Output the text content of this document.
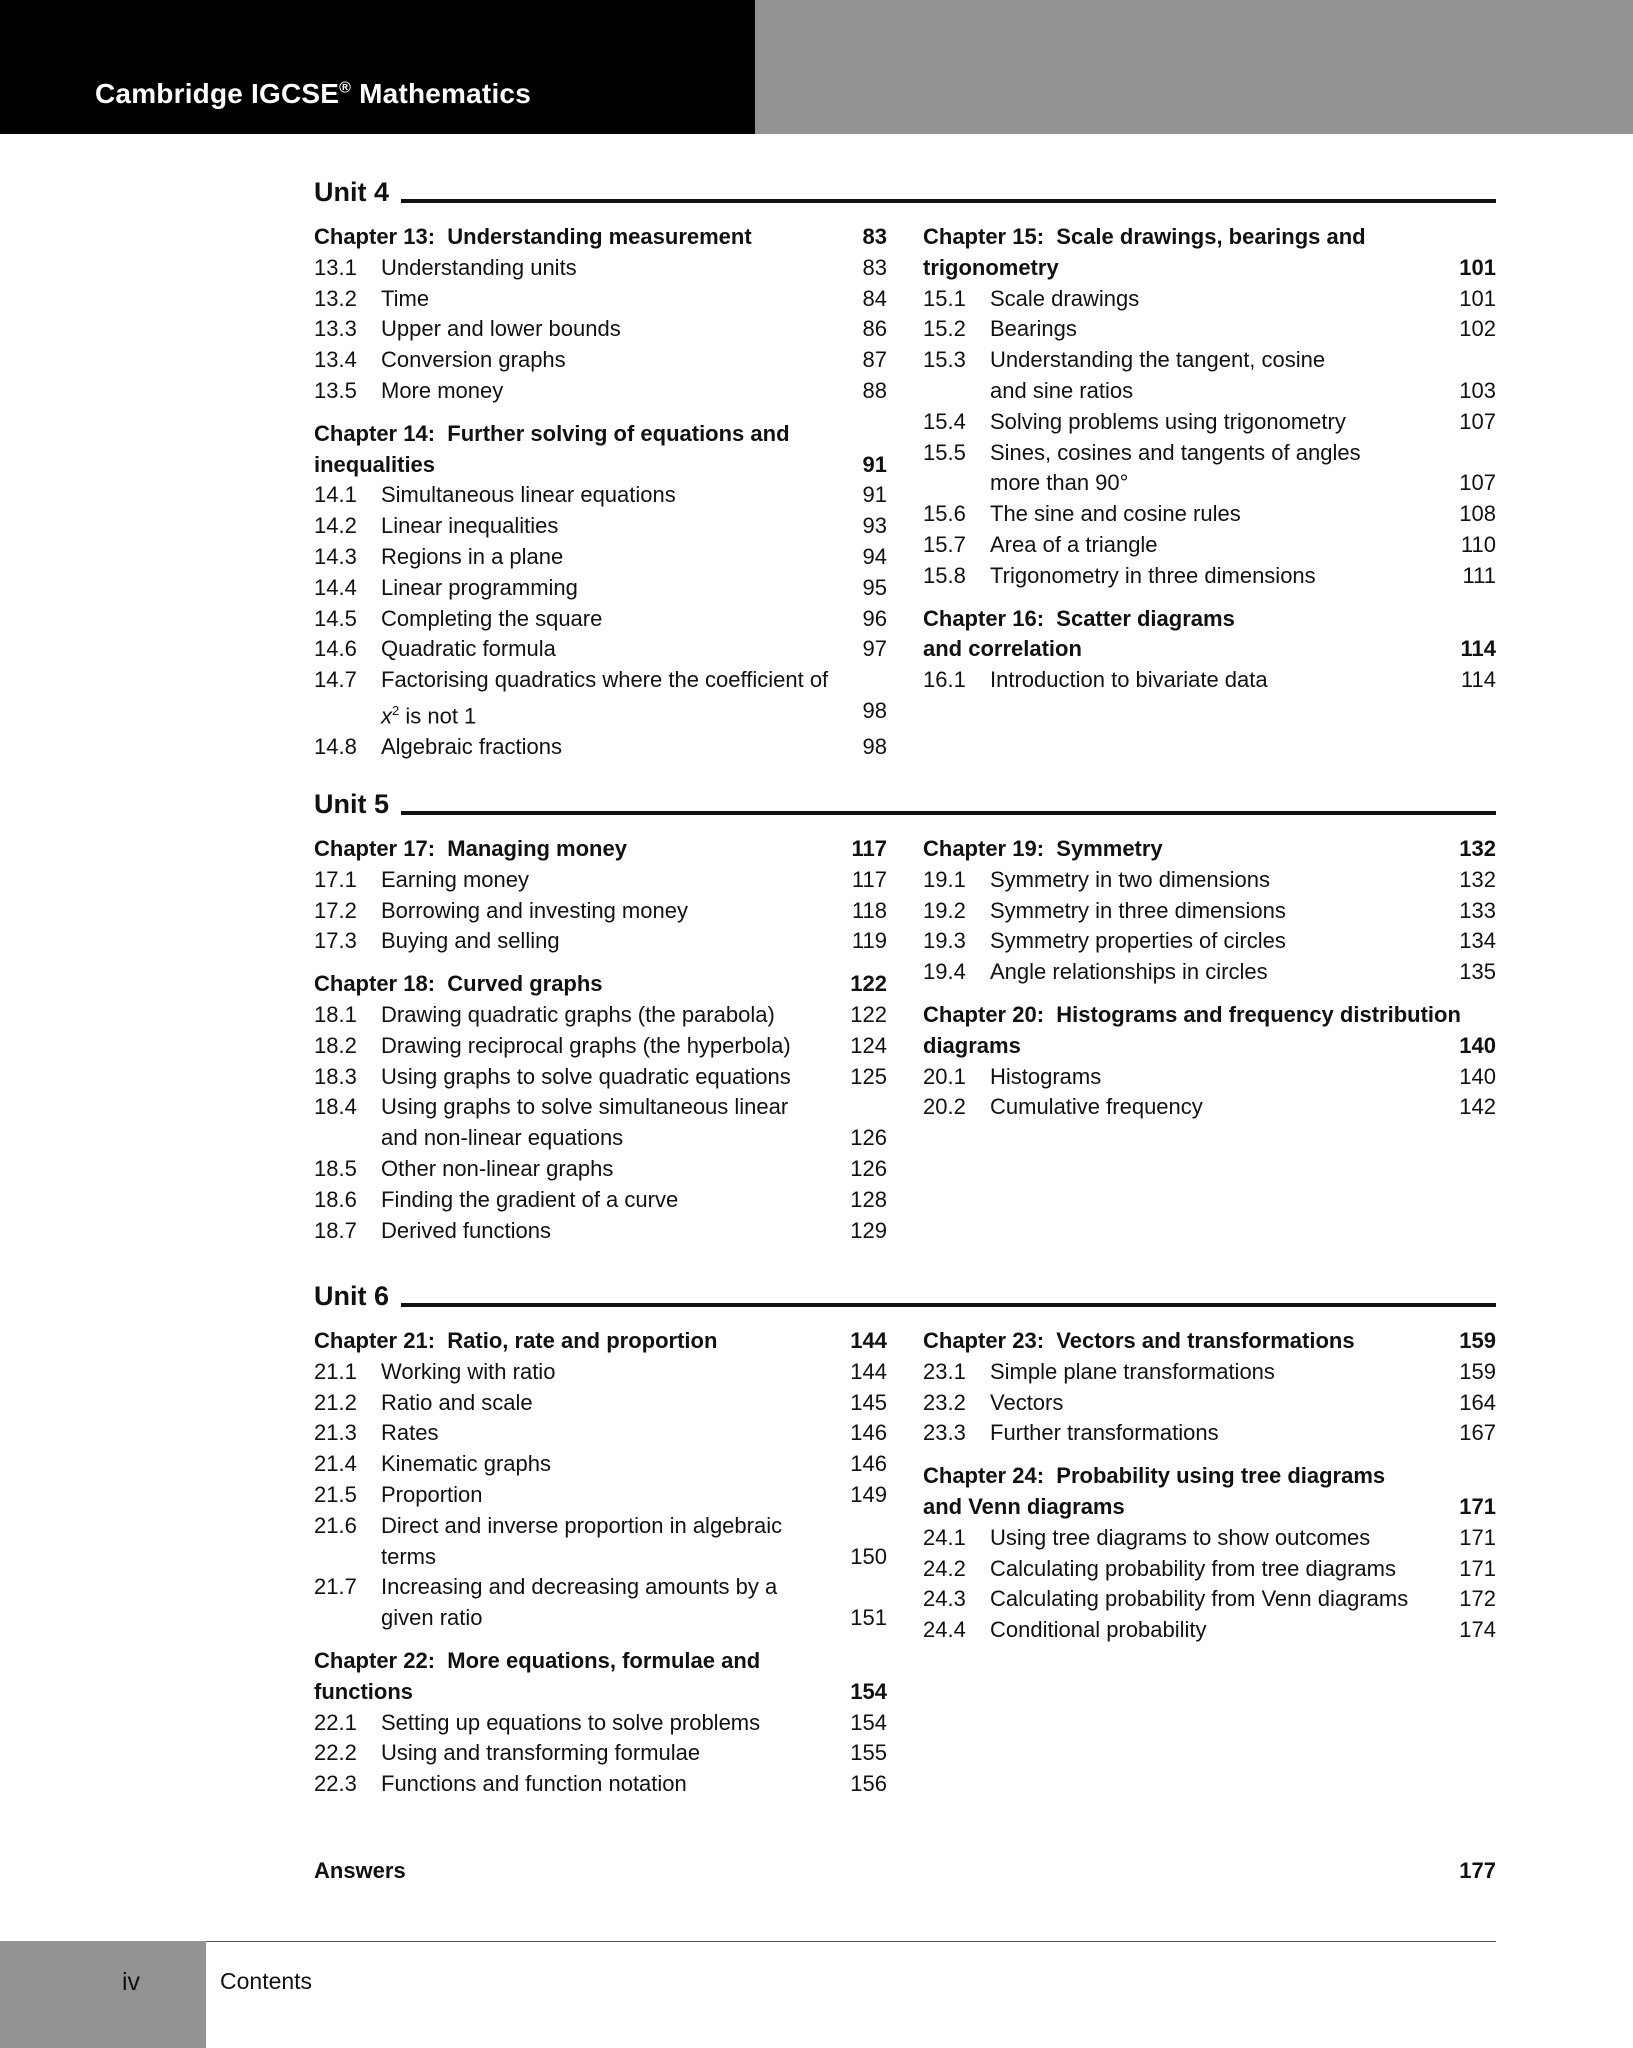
Cambridge IGCSE® Mathematics
Unit 4
Chapter 13: Understanding measurement	83
13.1	Understanding units	83
13.2	Time	84
13.3	Upper and lower bounds	86
13.4	Conversion graphs	87
13.5	More money	88
Chapter 14: Further solving of equations and
inequalities	91
14.1	Simultaneous linear equations	91
14.2	Linear inequalities	93
14.3	Regions in a plane	94
14.4	Linear programming	95
14.5	Completing the square	96
14.6	Quadratic formula	97
14.7	Factorising quadratics where the coefficient of
$x^2$ is not 1	98
14.8	Algebraic fractions	98
Chapter 15: Scale drawings, bearings and
trigonometry	101
15.1	Scale drawings	101
15.2	Bearings	102
15.3	Understanding the tangent, cosine
and sine ratios	103
15.4	Solving problems using trigonometry	107
15.5	Sines, cosines and tangents of angles
more than 90°	107
15.6	The sine and cosine rules	108
15.7	Area of a triangle	110
15.8	Trigonometry in three dimensions	111
Chapter 16: Scatter diagrams
and correlation	114
16.1	Introduction to bivariate data	114
Unit 5
Chapter 17: Managing money	117
17.1	Earning money	117
17.2	Borrowing and investing money	118
17.3	Buying and selling	119
Chapter 18: Curved graphs	122
18.1	Drawing quadratic graphs (the parabola)	122
18.2	Drawing reciprocal graphs (the hyperbola)	124
18.3	Using graphs to solve quadratic equations	125
18.4	Using graphs to solve simultaneous linear
and non-linear equations	126
18.5	Other non-linear graphs	126
18.6	Finding the gradient of a curve	128
18.7	Derived functions	129
Chapter 19: Symmetry	132
19.1	Symmetry in two dimensions	132
19.2	Symmetry in three dimensions	133
19.3	Symmetry properties of circles	134
19.4	Angle relationships in circles	135
Chapter 20: Histograms and frequency distribution
diagrams	140
20.1	Histograms	140
20.2	Cumulative frequency	142
Unit 6
Chapter 21: Ratio, rate and proportion	144
21.1	Working with ratio	144
21.2	Ratio and scale	145
21.3	Rates	146
21.4	Kinematic graphs	146
21.5	Proportion	149
21.6	Direct and inverse proportion in algebraic
terms	150
21.7	Increasing and decreasing amounts by a
given ratio	151
Chapter 22: More equations, formulae and
functions	154
22.1	Setting up equations to solve problems	154
22.2	Using and transforming formulae	155
22.3	Functions and function notation	156
Chapter 23: Vectors and transformations	159
23.1	Simple plane transformations	159
23.2	Vectors	164
23.3	Further transformations	167
Chapter 24: Probability using tree diagrams
and Venn diagrams	171
24.1	Using tree diagrams to show outcomes	171
24.2	Calculating probability from tree diagrams	171
24.3	Calculating probability from Venn diagrams	172
24.4	Conditional probability	174
Answers	177
iv	Contents
